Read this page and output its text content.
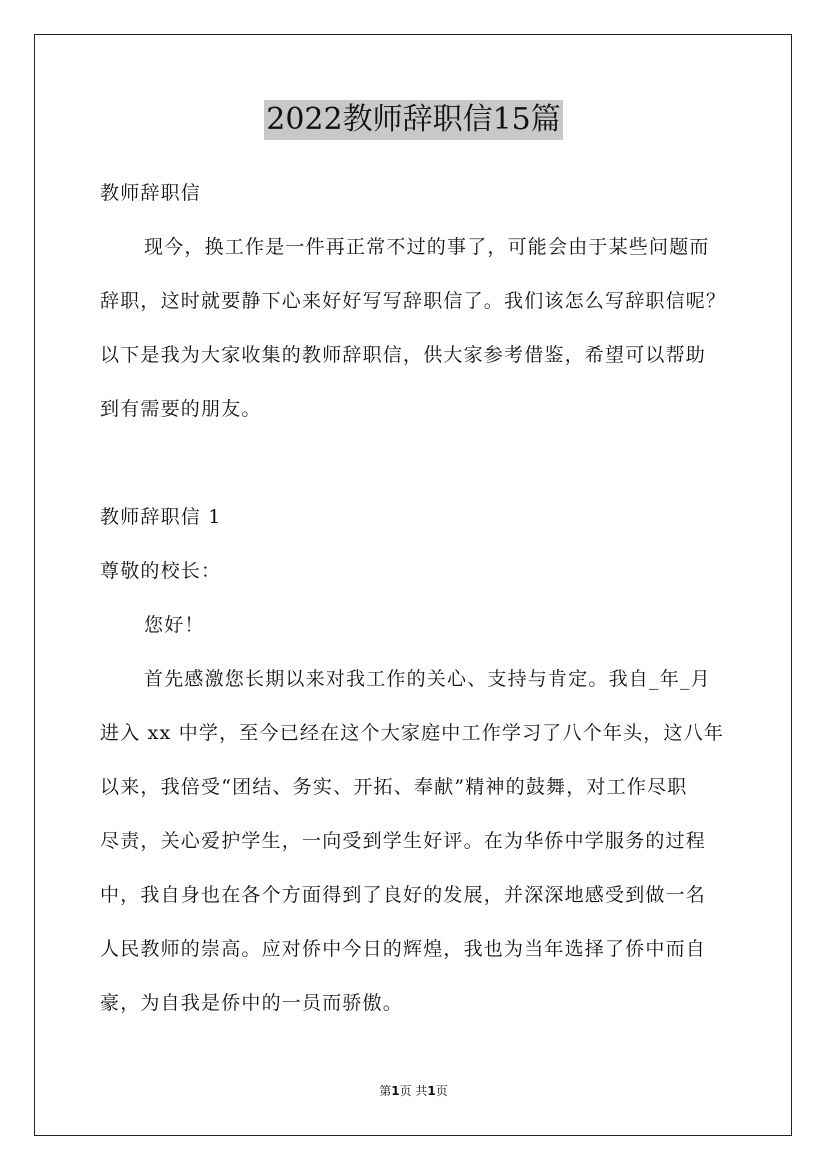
2022教师辞职信15篇
教师辞职信
现今，换工作是一件再正常不过的事了，可能会由于某些问题而
辞职，这时就要静下心来好好写写辞职信了。我们该怎么写辞职信呢？
以下是我为大家收集的教师辞职信，供大家参考借鉴，希望可以帮助
到有需要的朋友。
教师辞职信 1
尊敬的校长：
您好！
首先感激您长期以来对我工作的关心、支持与肯定。我自_年_月
进入 xx 中学，至今已经在这个大家庭中工作学习了八个年头，这八年
以来，我倍受“团结、务实、开拓、奉献”精神的鼓舞，对工作尽职
尽责，关心爱护学生，一向受到学生好评。在为华侨中学服务的过程
中，我自身也在各个方面得到了良好的发展，并深深地感受到做一名
人民教师的崇高。应对侨中今日的辉煌，我也为当年选择了侨中而自
豪，为自我是侨中的一员而骄傲。
第1页 共1页
